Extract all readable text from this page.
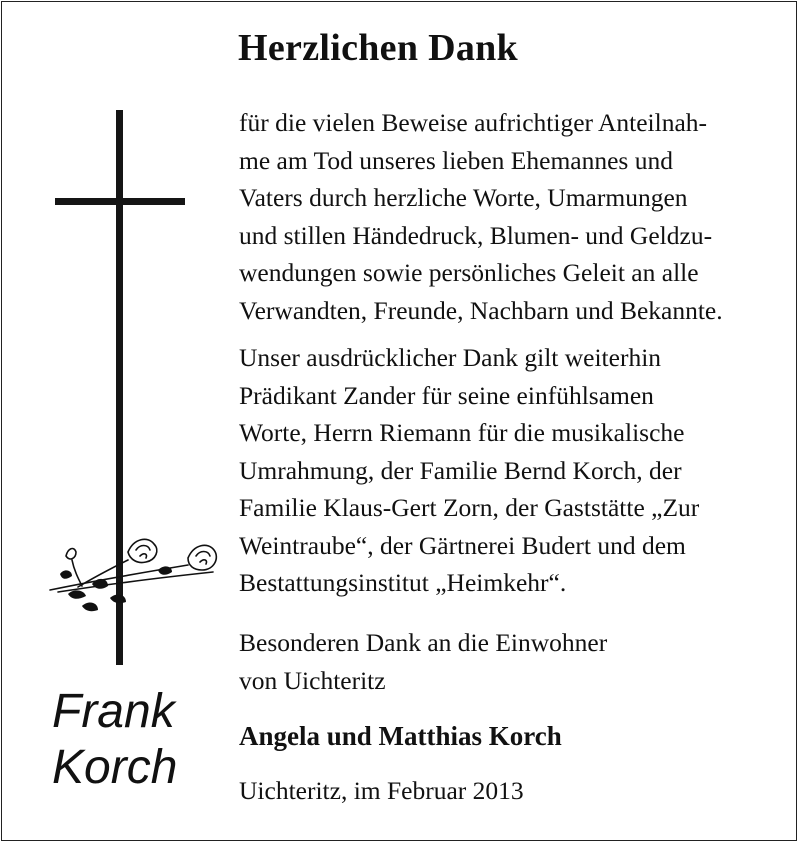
Herzlichen Dank
für die vielen Beweise aufrichtiger Anteilnah-
me am Tod unseres lieben Ehemannes und
Vaters durch herzliche Worte, Umarmungen
und stillen Händedruck, Blumen- und Geldzu-
wendungen sowie persönliches Geleit an alle
Verwandten, Freunde, Nachbarn und Bekannte.
Unser ausdrücklicher Dank gilt weiterhin
Prädikant Zander für seine einfühlsamen
Worte, Herrn Riemann für die musikalische
Umrahmung, der Familie Bernd Korch, der
Familie Klaus-Gert Zorn, der Gaststätte „Zur
Weintraube“, der Gärtnerei Budert und dem
Bestattungsinstitut „Heimkehr“.
Besonderen Dank an die Einwohner
von Uichteritz
Angela und Matthias Korch
Uichteritz, im Februar 2013
Frank
Korch
